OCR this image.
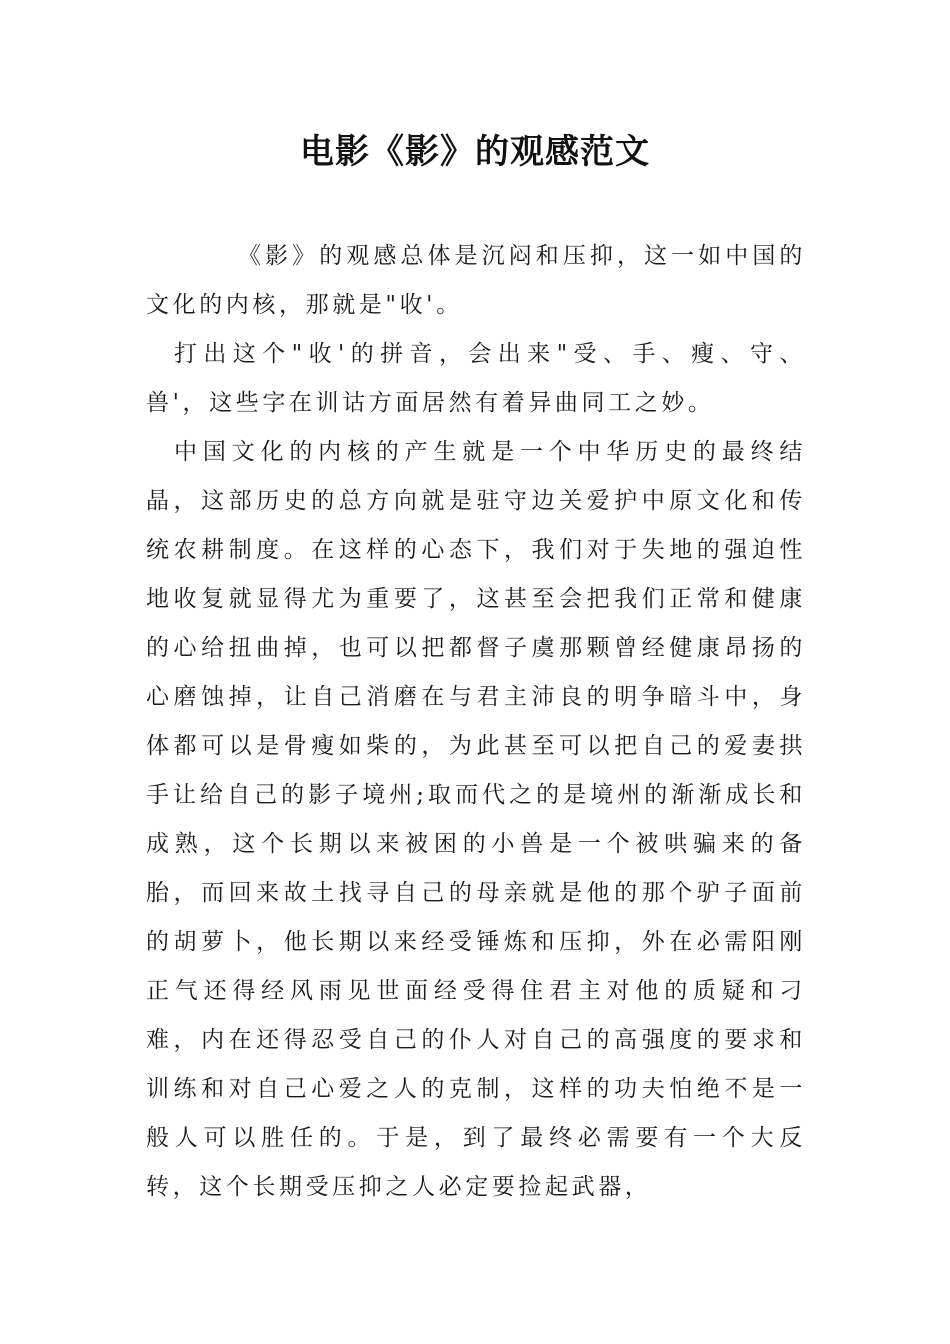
电影《影》的观感范文

《影》的观感总体是沉闷和压抑，这一如中国的文化的内核，那就是"收'。

打出这个"收'的拼音，会出来"受、手、瘦、守、兽'，这些字在训诂方面居然有着异曲同工之妙。

中国文化的内核的产生就是一个中华历史的最终结晶，这部历史的总方向就是驻守边关爱护中原文化和传统农耕制度。在这样的心态下，我们对于失地的强迫性地收复就显得尤为重要了，这甚至会把我们正常和健康的心给扭曲掉，也可以把都督子虞那颗曾经健康昂扬的心磨蚀掉，让自己消磨在与君主沛良的明争暗斗中，身体都可以是骨瘦如柴的，为此甚至可以把自己的爱妻拱手让给自己的影子境州;取而代之的是境州的渐渐成长和成熟，这个长期以来被困的小兽是一个被哄骗来的备胎，而回来故土找寻自己的母亲就是他的那个驴子面前的胡萝卜，他长期以来经受锤炼和压抑，外在必需阳刚正气还得经风雨见世面经受得住君主对他的质疑和刁难，内在还得忍受自己的仆人对自己的高强度的要求和训练和对自己心爱之人的克制，这样的功夫怕绝不是一般人可以胜任的。于是，到了最终必需要有一个大反转，这个长期受压抑之人必定要捡起武器，
